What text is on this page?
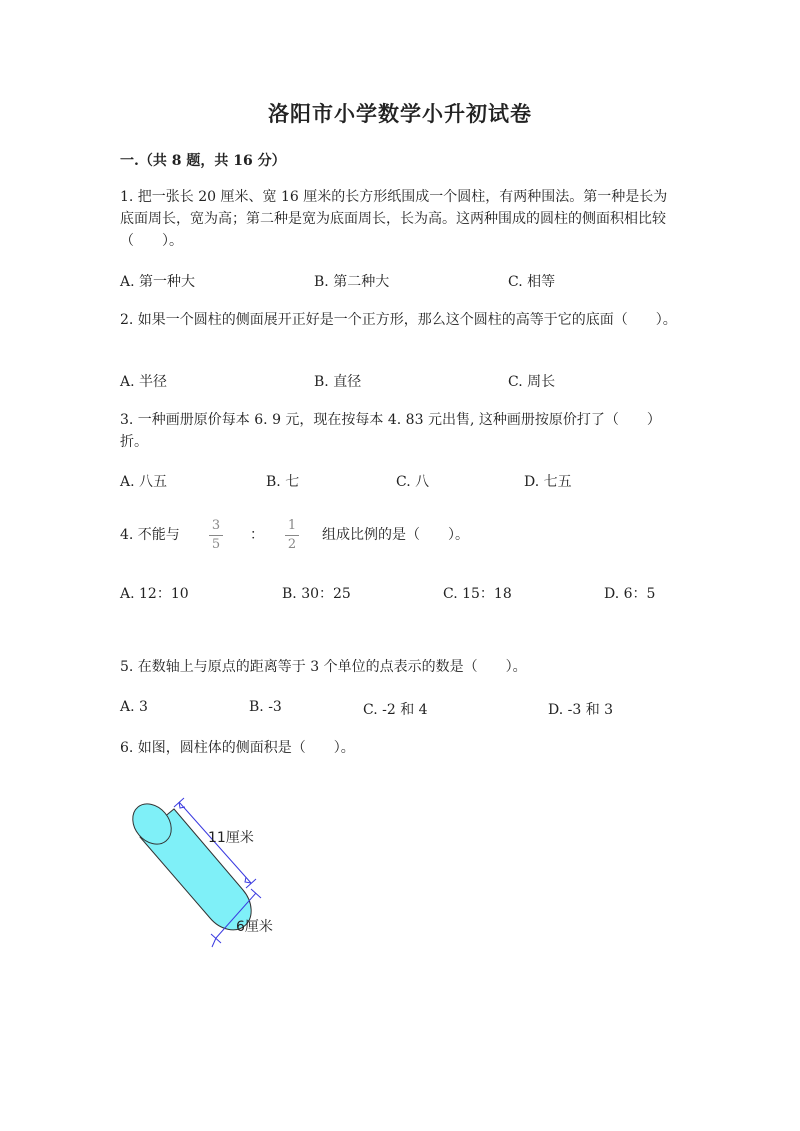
洛阳市小学数学小升初试卷
一.（共 8 题，共 16 分）
1. 把一张长 20 厘米、宽 16 厘米的长方形纸围成一个圆柱，有两种围法。第一种是长为底面周长，宽为高；第二种是宽为底面周长，长为高。这两种围成的圆柱的侧面积相比较（　　）。
A. 第一种大	B. 第二种大	C. 相等
2. 如果一个圆柱的侧面展开正好是一个正方形，那么这个圆柱的高等于它的底面（　　）。
A. 半径	B. 直径	C. 周长
3. 一种画册原价每本 6. 9 元，现在按每本 4. 83 元出售, 这种画册按原价打了（　　）折。
A. 八五	B. 七	C. 八	D. 七五
4. 不能与
3
5
：
1
2
组成比例的是（　　）。
A. 12：10	B. 30：25	C. 15：18	D. 6：5
5. 在数轴上与原点的距离等于 3 个单位的点表示的数是（　　）。
A. 3	B. -3	C. -2 和 4	D. -3 和 3
6. 如图，圆柱体的侧面积是（　　）。
11厘米
6厘米
